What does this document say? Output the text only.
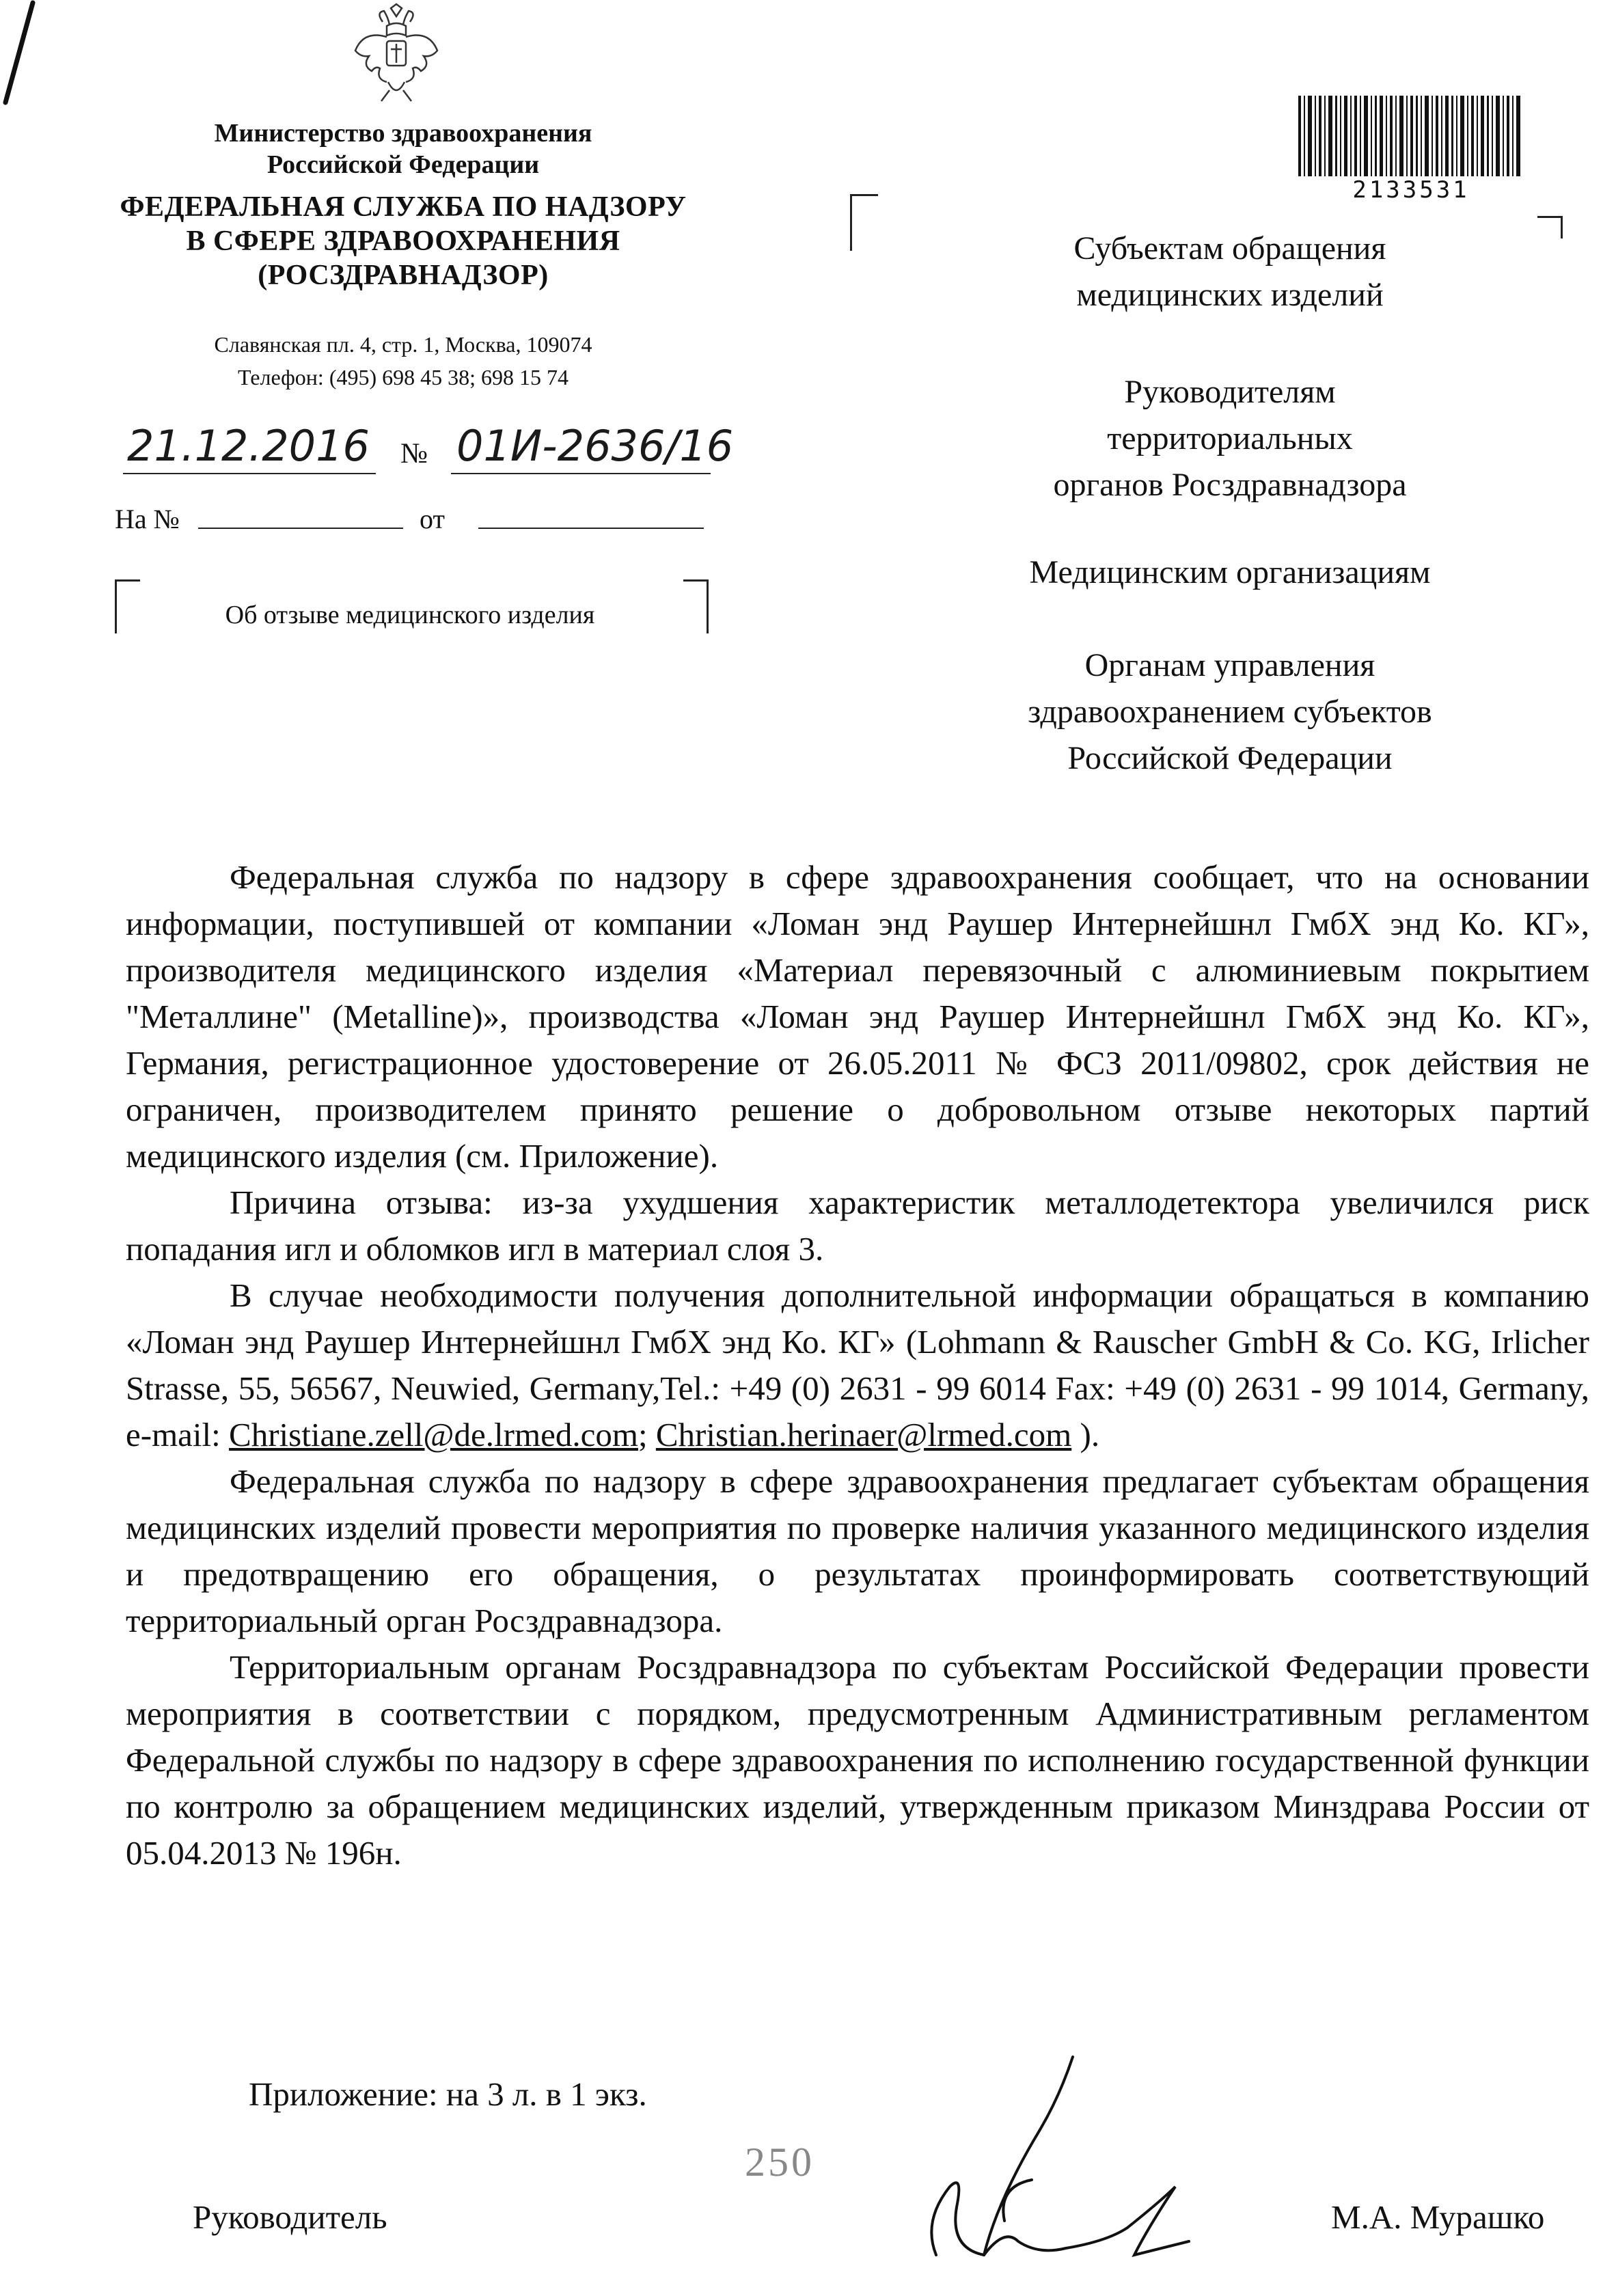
Министерство здравоохранения
Российской Федерации
ФЕДЕРАЛЬНАЯ СЛУЖБА ПО НАДЗОРУ
В СФЕРЕ ЗДРАВООХРАНЕНИЯ
(РОСЗДРАВНАДЗОР)
Славянская пл. 4, стр. 1, Москва, 109074
Телефон: (495) 698 45 38; 698 15 74
21.12.2016 № 01И-2636/16
На №	от
Об отзыве медицинского изделия
2133531
Субъектам обращения
медицинских изделий
Руководителям
территориальных
органов Росздравнадзора
Медицинским организациям
Органам управления
здравоохранением субъектов
Российской Федерации

Федеральная служба по надзору в сфере здравоохранения сообщает, что на основании информации, поступившей от компании «Ломан энд Раушер Интернейшнл ГмбХ энд Ко. КГ», производителя медицинского изделия «Материал перевязочный с алюминиевым покрытием "Металлине" (Metalline)», производства «Ломан энд Раушер Интернейшнл ГмбХ энд Ко. КГ», Германия, регистрационное удостоверение от 26.05.2011 № ФСЗ 2011/09802, срок действия не ограничен, производителем принято решение о добровольном отзыве некоторых партий медицинского изделия (см. Приложение).

Причина отзыва: из-за ухудшения характеристик металлодетектора увеличился риск попадания игл и обломков игл в материал слоя 3.

В случае необходимости получения дополнительной информации обращаться в компанию «Ломан энд Раушер Интернейшнл ГмбХ энд Ко. КГ» (Lohmann & Rauscher GmbH & Co. KG, Irlicher Strasse, 55, 56567, Neuwied, Germany,Tel.: +49 (0) 2631 - 99 6014 Fax: +49 (0) 2631 - 99 1014, Germany, e-mail: Christiane.zell@de.lrmed.com; Christian.herinaer@lrmed.com ).

Федеральная служба по надзору в сфере здравоохранения предлагает субъектам обращения медицинских изделий провести мероприятия по проверке наличия указанного медицинского изделия и предотвращению его обращения, о результатах проинформировать соответствующий территориальный орган Росздравнадзора.

Территориальным органам Росздравнадзора по субъектам Российской Федерации провести мероприятия в соответствии с порядком, предусмотренным Административным регламентом Федеральной службы по надзору в сфере здравоохранения по исполнению государственной функции по контролю за обращением медицинских изделий, утвержденным приказом Минздрава России от 05.04.2013 № 196н.

Приложение: на 3 л. в 1 экз.
250
Руководитель	М.А. Мурашко
